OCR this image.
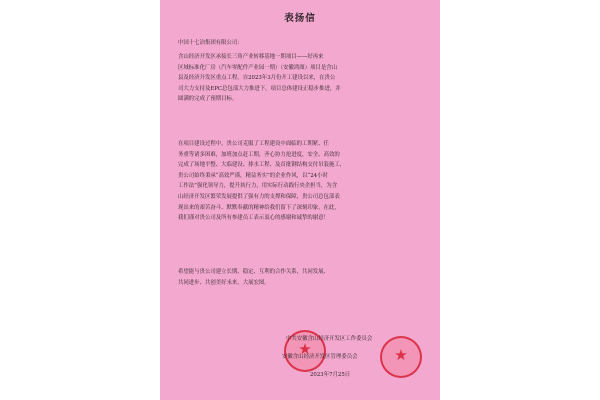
表扬信
中国十七冶集团有限公司：
含山经济开发区承接长三角产业转移基地一期项目——好再来
区域标准化厂房（汽车零配件产业园一期）（安徽鸿图）项目是含山
县及经济开发区重点工程。自2023年3月份开工建设以来，在贵公
司大力支持及EPC总包部大力推进下，项目总体建设正稳步推进，并
圆满的完成了预期目标。
在项目建设过程中，贵公司克服了工程建设中面临的工期紧、任
务重等诸多困难，加班加点赶工期，齐心协力抢进度，安全、高效的
完成了场地平整、大临建设、排水工程、及首批钢结构交付吊装施工，
贵公司始终秉承“高效严谨，精益务实”的企业作风，以“24小时
工作法”强化领导力，提升执行力，用实际行动践行央企担当，为含
山经济开发区繁荣发展提供了强有力的支撑和保障，贵公司总包部表
现出来的艰苦奋斗、默默奉献的精神给我们留下了深刻印象。在此，
我们谨对贵公司及所有参建员工表示衷心的感谢和诚挚的谢意！
希望能与贵公司建立长期、稳定、互利的合作关系，共同发展、
共同进步、共创美好未来，大展宏图。
★	★
中共安徽含山经济开发区工作委员会
安徽含山经济开发区管理委员会
2023年7月25日
